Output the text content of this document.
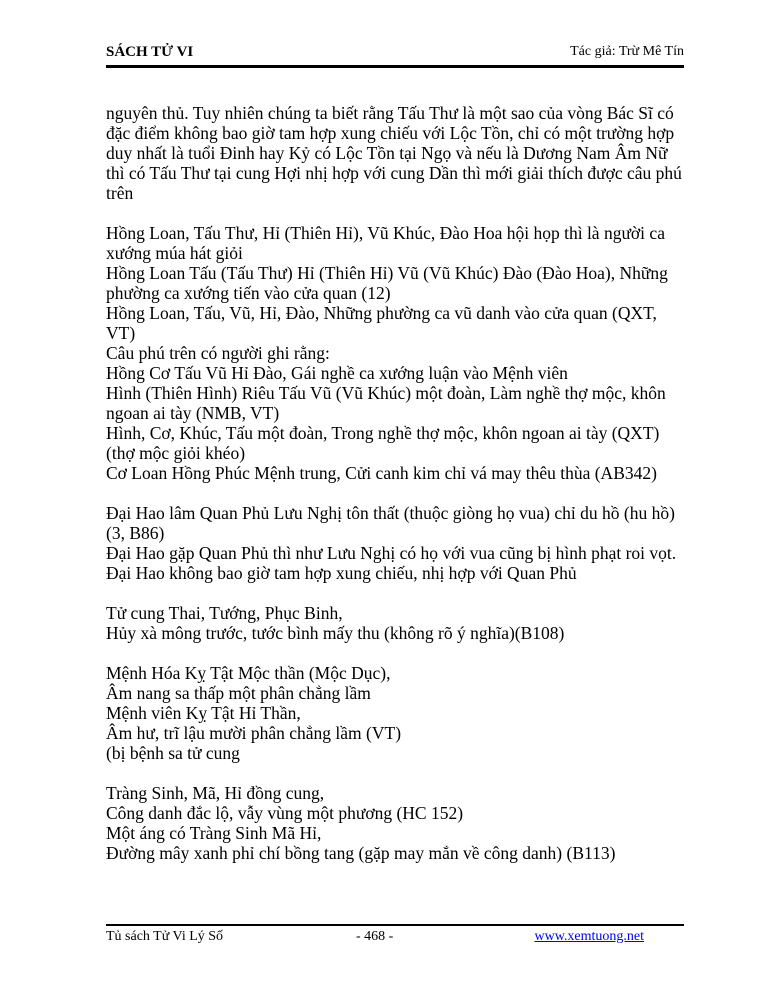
SÁCH TỬ VI	Tác giả: Trừ Mê Tín
nguyên thủ. Tuy nhiên chúng ta biết rằng Tấu Thư là một sao của vòng Bác Sĩ có
đặc điểm không bao giờ tam hợp xung chiếu với Lộc Tồn, chỉ có một trường hợp
duy nhất là tuổi Đinh hay Kỷ có Lộc Tồn tại Ngọ và nếu là Dương Nam Âm Nữ
thì có Tấu Thư tại cung Hợi nhị hợp với cung Dần thì mới giải thích được câu phú
trên
Hồng Loan, Tấu Thư, Hỉ (Thiên Hỉ), Vũ Khúc, Đào Hoa hội họp thì là người ca
xướng múa hát giỏi
Hồng Loan Tấu (Tấu Thư) Hỉ (Thiên Hỉ) Vũ (Vũ Khúc) Đào (Đào Hoa), Những
phường ca xướng tiến vào cửa quan (12)
Hồng Loan, Tấu, Vũ, Hỉ, Đào, Những phường ca vũ danh vào cửa quan (QXT,
VT)
Câu phú trên có người ghi rằng:
Hồng Cơ Tấu Vũ Hỉ Đào, Gái nghề ca xướng luận vào Mệnh viên
Hình (Thiên Hình) Riêu Tấu Vũ (Vũ Khúc) một đoàn, Làm nghề thợ mộc, khôn
ngoan ai tày (NMB, VT)
Hình, Cơ, Khúc, Tấu một đoàn, Trong nghề thợ mộc, khôn ngoan ai tày (QXT)
(thợ mộc giỏi khéo)
Cơ Loan Hồng Phúc Mệnh trung, Cửi canh kim chỉ vá may thêu thùa (AB342)
Đại Hao lâm Quan Phủ Lưu Nghị tôn thất (thuộc giòng họ vua) chỉ du hồ (hu hồ)
(3, B86)
Đại Hao gặp Quan Phủ thì như Lưu Nghị có họ với vua cũng bị hình phạt roi vọt.
Đại Hao không bao giờ tam hợp xung chiếu, nhị hợp với Quan Phủ
Tử cung Thai, Tướng, Phục Binh,
Hủy xà mông trước, tước bình mấy thu (không rõ ý nghĩa)(B108)
Mệnh Hóa Kỵ Tật Mộc thần (Mộc Dục),
Âm nang sa thấp một phân chẳng lầm
Mệnh viên Kỵ Tật Hỉ Thần,
Âm hư, trĩ lậu mười phân chẳng lầm (VT)
(bị bệnh sa tử cung
Tràng Sinh, Mã, Hỉ đồng cung,
Công danh đắc lộ, vẫy vùng một phương (HC 152)
Một áng có Tràng Sinh Mã Hỉ,
Đường mây xanh phỉ chí bồng tang (gặp may mắn về công danh) (B113)
Tủ sách Tử Vi Lý Số	- 468 -	www.xemtuong.net
